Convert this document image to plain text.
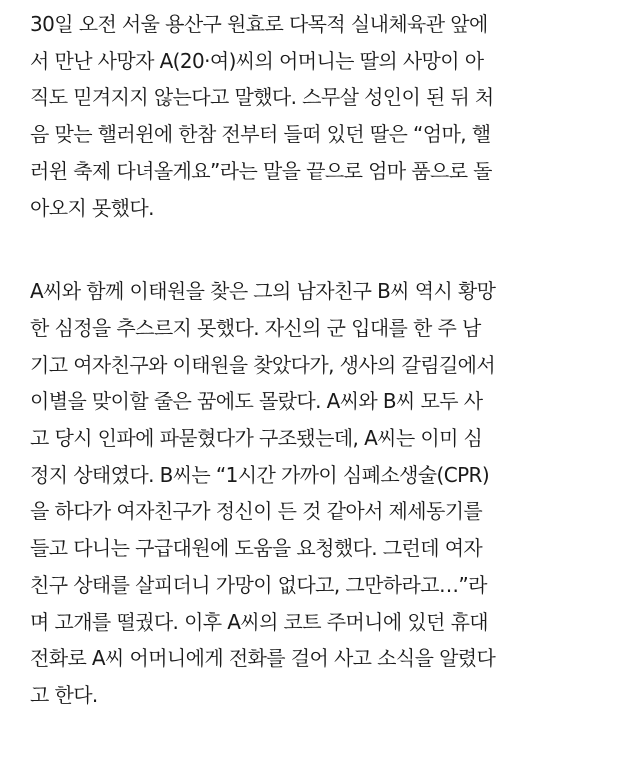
30일 오전 서울 용산구 원효로 다목적 실내체육관 앞에
서 만난 사망자 A(20·여)씨의 어머니는 딸의 사망이 아
직도 믿겨지지 않는다고 말했다. 스무살 성인이 된 뒤 처
음 맞는 핼러윈에 한참 전부터 들떠 있던 딸은 “엄마, 핼
러윈 축제 다녀올게요”라는 말을 끝으로 엄마 품으로 돌
아오지 못했다.
A씨와 함께 이태원을 찾은 그의 남자친구 B씨 역시 황망
한 심정을 추스르지 못했다. 자신의 군 입대를 한 주 남
기고 여자친구와 이태원을 찾았다가, 생사의 갈림길에서
이별을 맞이할 줄은 꿈에도 몰랐다. A씨와 B씨 모두 사
고 당시 인파에 파묻혔다가 구조됐는데, A씨는 이미 심
정지 상태였다. B씨는 “1시간 가까이 심폐소생술(CPR)
을 하다가 여자친구가 정신이 든 것 같아서 제세동기를
들고 다니는 구급대원에 도움을 요청했다. 그런데 여자
친구 상태를 살피더니 가망이 없다고, 그만하라고…”라
며 고개를 떨궜다. 이후 A씨의 코트 주머니에 있던 휴대
전화로 A씨 어머니에게 전화를 걸어 사고 소식을 알렸다
고 한다.
